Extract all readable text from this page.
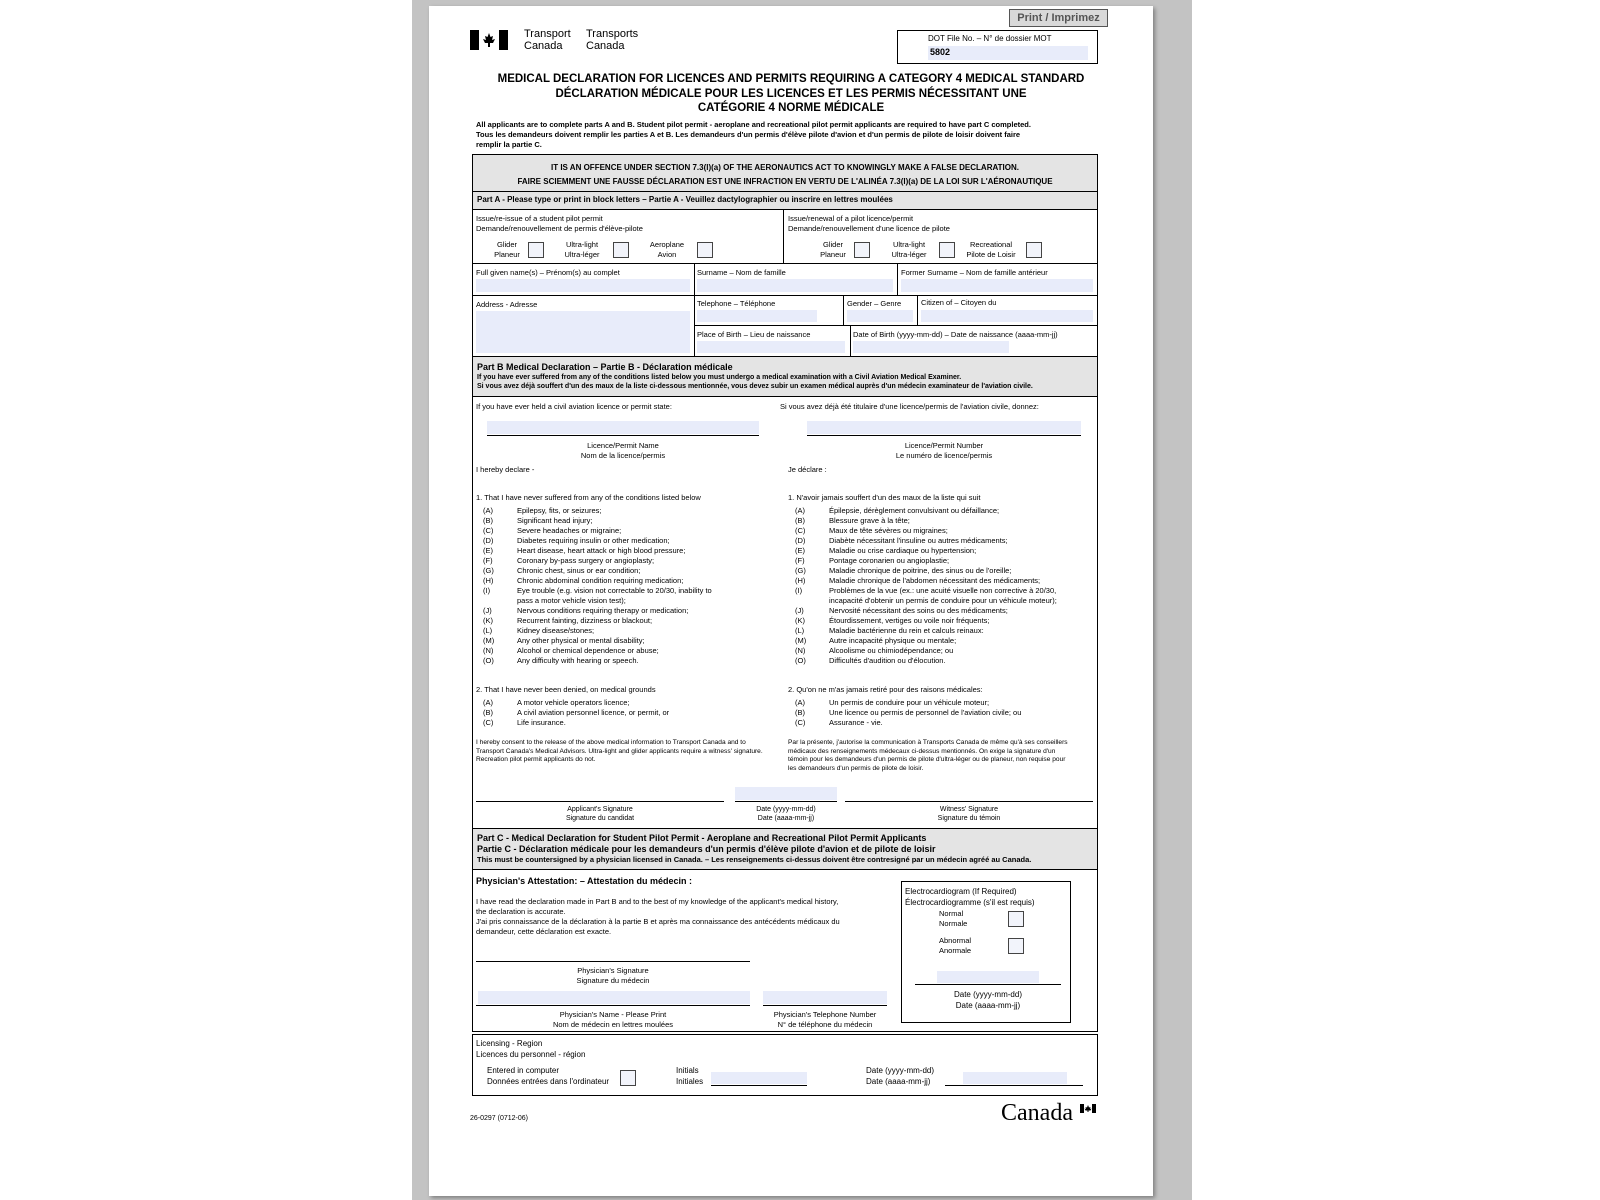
Transport
Canada
Transports
Canada
Print / Imprimez
DOT File No. – N° de dossier MOT
5802
MEDICAL DECLARATION FOR LICENCES AND PERMITS REQUIRING A CATEGORY 4 MEDICAL STANDARD
DÉCLARATION MÉDICALE POUR LES LICENCES ET LES PERMIS NÉCESSITANT UNE
CATÉGORIE 4 NORME MÉDICALE
All applicants are to complete parts A and B. Student pilot permit - aeroplane and recreational pilot permit applicants are required to have part C completed.
Tous les demandeurs doivent remplir les parties A et B. Les demandeurs d'un permis d'élève pilote d'avion et d'un permis de pilote de loisir doivent faire
remplir la partie C.
IT IS AN OFFENCE UNDER SECTION 7.3(l)(a) OF THE AERONAUTICS ACT TO KNOWINGLY MAKE A FALSE DECLARATION.
FAIRE SCIEMMENT UNE FAUSSE DÉCLARATION EST UNE INFRACTION EN VERTU DE L'ALINÉA 7.3(l)(a) DE LA LOI SUR L'AÉRONAUTIQUE
Part A - Please type or print in block letters – Partie A - Veuillez dactylographier ou inscrire en lettres moulées
Issue/re-issue of a student pilot permit
Demande/renouvellement de permis d'élève-pilote
Glider
Planeur
Ultra-light
Ultra-léger
Aeroplane
Avion
Issue/renewal of a pilot licence/permit
Demande/renouvellement d'une licence de pilote
Glider
Planeur
Ultra-light
Ultra-léger
Recreational
Pilote de Loisir
Full given name(s) – Prénom(s) au complet	Surname – Nom de famille	Former Surname – Nom de famille antérieur
Address - Adresse	Telephone – Téléphone	Gender – Genre	Citizen of – Citoyen du
Place of Birth – Lieu de naissance	Date of Birth (yyyy-mm-dd) – Date de naissance (aaaa-mm-jj)
Part B Medical Declaration – Partie B - Déclaration médicale
If you have ever suffered from any of the conditions listed below you must undergo a medical examination with a Civil Aviation Medical Examiner.
Si vous avez déjà souffert d'un des maux de la liste ci-dessous mentionnée, vous devez subir un examen médical auprès d'un médecin examinateur de l'aviation civile.
If you have ever held a civil aviation licence or permit state:	Si vous avez déjà été titulaire d'une licence/permis de l'aviation civile, donnez:
Licence/Permit Name
Nom de la licence/permis
Licence/Permit Number
Le numéro de licence/permis
I hereby declare -	Je déclare :
1. That I have never suffered from any of the conditions listed below	1. N'avoir jamais souffert d'un des maux de la liste qui suit
(A)	Epilepsy, fits, or seizures;
(B)	Significant head injury;
(C)	Severe headaches or migraine;
(D)	Diabetes requiring insulin or other medication;
(E)	Heart disease, heart attack or high blood pressure;
(F)	Coronary by-pass surgery or angioplasty;
(G)	Chronic chest, sinus or ear condition;
(H)	Chronic abdominal condition requiring medication;
(I)	Eye trouble (e.g. vision not correctable to 20/30, inability to
pass a motor vehicle vision test);
(J)	Nervous conditions requiring therapy or medication;
(K)	Recurrent fainting, dizziness or blackout;
(L)	Kidney disease/stones;
(M)	Any other physical or mental disability;
(N)	Alcohol or chemical dependence or abuse;
(O)	Any difficulty with hearing or speech.
(A)	Épilepsie, dérèglement convulsivant ou défaillance;
(B)	Blessure grave à la tête;
(C)	Maux de tête sévères ou migraines;
(D)	Diabète nécessitant l'insuline ou autres médicaments;
(E)	Maladie ou crise cardiaque ou hypertension;
(F)	Pontage coronarien ou angioplastie;
(G)	Maladie chronique de poitrine, des sinus ou de l'oreille;
(H)	Maladie chronique de l'abdomen nécessitant des médicaments;
(I)	Problèmes de la vue (ex.: une acuité visuelle non corrective à 20/30,
incapacité d'obtenir un permis de conduire pour un véhicule moteur);
(J)	Nervosité nécessitant des soins ou des médicaments;
(K)	Étourdissement, vertiges ou voile noir fréquents;
(L)	Maladie bactérienne du rein et calculs reinaux:
(M)	Autre incapacité physique ou mentale;
(N)	Alcoolisme ou chimiodépendance; ou
(O)	Difficultés d'audition ou d'élocution.
2. That I have never been denied, on medical grounds	2. Qu'on ne m'as jamais retiré pour des raisons médicales:
(A)	A motor vehicle operators licence;
(B)	A civil aviation personnel licence, or permit, or
(C)	Life insurance.
(A)	Un permis de conduire pour un véhicule moteur;
(B)	Une licence ou permis de personnel de l'aviation civile; ou
(C)	Assurance - vie.
I hereby consent to the release of the above medical information to Transport Canada and to
Transport Canada's Medical Advisors. Ultra-light and glider applicants require a witness' signature.
Recreation pilot permit applicants do not.
Par la présente, j'autorise la communication à Transports Canada de même qu'à ses conseillers
médicaux des renseignements médecaux ci-dessus mentionnés. On exige la signature d'un
témoin pour les demandeurs d'un permis de pilote d'ultra-léger ou de planeur, non requise pour
les demandeurs d'un permis de pilote de loisir.
Applicant's Signature
Signature du candidat
Date (yyyy-mm-dd)
Date (aaaa-mm-jj)
Witness' Signature
Signature du témoin
Part C - Medical Declaration for Student Pilot Permit - Aeroplane and Recreational Pilot Permit Applicants
Partie C - Déclaration médicale pour les demandeurs d'un permis d'élève pilote d'avion et de pilote de loisir
This must be countersigned by a physician licensed in Canada. – Les renseignements ci-dessus doivent être contresigné par un médecin agréé au Canada.
Physician's Attestation: – Attestation du médecin :
I have read the declaration made in Part B and to the best of my knowledge of the applicant's medical history,
the declaration is accurate.
J'ai pris connaissance de la déclaration à la partie B et après ma connaissance des antécédents médicaux du
demandeur, cette déclaration est exacte.
Physician's Signature
Signature du médecin
Physician's Name - Please Print
Nom de médecin en lettres moulées
Physician's Telephone Number
N° de téléphone du médecin
Electrocardiogram (If Required)
Électrocardiogramme (s'il est requis)
Normal
Normale
Abnormal
Anormale
Date (yyyy-mm-dd)
Date (aaaa-mm-jj)
Licensing - Region
Licences du personnel - région
Entered in computer
Données entrées dans l'ordinateur
Initials
Initiales
Date (yyyy-mm-dd)
Date (aaaa-mm-jj)
26-0297 (0712-06)	Canada
